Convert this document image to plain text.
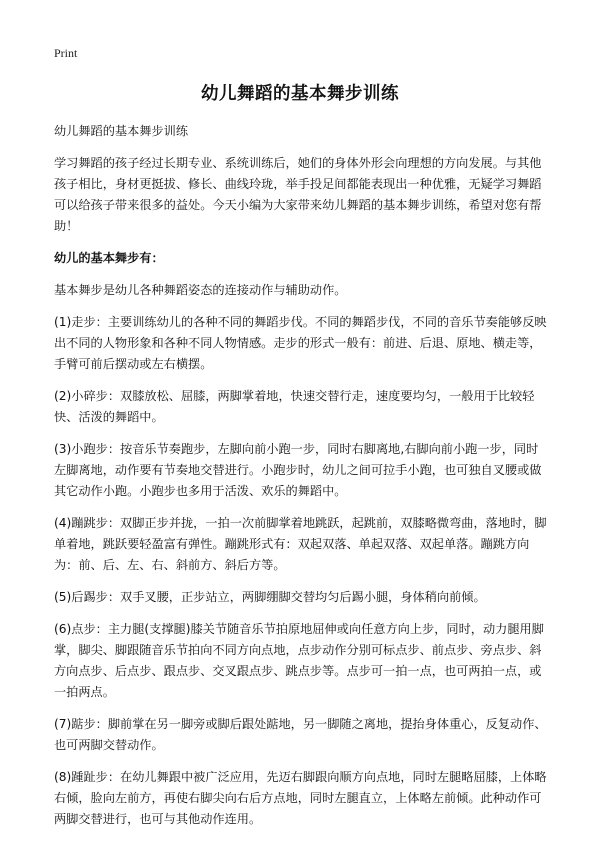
Print
幼儿舞蹈的基本舞步训练

幼儿舞蹈的基本舞步训练

学习舞蹈的孩子经过长期专业、系统训练后，她们的身体外形会向理想的方向发展。与其他孩子相比，身材更挺拔、修长、曲线玲珑，举手投足间都能表现出一种优雅，无疑学习舞蹈可以给孩子带来很多的益处。今天小编为大家带来幼儿舞蹈的基本舞步训练，希望对您有帮助！

幼儿的基本舞步有：

基本舞步是幼儿各种舞蹈姿态的连接动作与辅助动作。

(1)走步：主要训练幼儿的各种不同的舞蹈步伐。不同的舞蹈步伐，不同的音乐节奏能够反映出不同的人物形象和各种不同人物情感。走步的形式一般有：前进、后退、原地、横走等，手臂可前后摆动或左右横摆。

(2)小碎步：双膝放松、屈膝，两脚掌着地，快速交替行走，速度要均匀，一般用于比较轻快、活泼的舞蹈中。

(3)小跑步：按音乐节奏跑步，左脚向前小跑一步，同时右脚离地,右脚向前小跑一步，同时左脚离地，动作要有节奏地交替进行。小跑步时，幼儿之间可拉手小跑，也可独自叉腰或做其它动作小跑。小跑步也多用于活泼、欢乐的舞蹈中。

(4)蹦跳步：双脚正步并拢，一拍一次前脚掌着地跳跃，起跳前，双膝略微弯曲，落地时，脚单着地，跳跃要轻盈富有弹性。蹦跳形式有：双起双落、单起双落、双起单落。蹦跳方向为：前、后、左、右、斜前方、斜后方等。

(5)后踢步：双手叉腰，正步站立，两脚绷脚交替均匀后踢小腿，身体稍向前倾。

(6)点步：主力腿(支撑腿)膝关节随音乐节拍原地屈伸或向任意方向上步，同时，动力腿用脚掌，脚尖、脚跟随音乐节拍向不同方向点地，点步动作分别可标点步、前点步、旁点步、斜方向点步、后点步、跟点步、交叉跟点步、跳点步等。点步可一拍一点，也可两拍一点，或一拍两点。

(7)踮步：脚前掌在另一脚旁或脚后跟处踮地，另一脚随之离地，提抬身体重心，反复动作、也可两脚交替动作。

(8)踵趾步：在幼儿舞跟中被广泛应用，先迈右脚跟向顺方向点地，同时左腿略屈膝，上体略右倾，脸向左前方，再使右脚尖向右后方点地，同时左腿直立，上体略左前倾。此种动作可两脚交替进行，也可与其他动作连用。
